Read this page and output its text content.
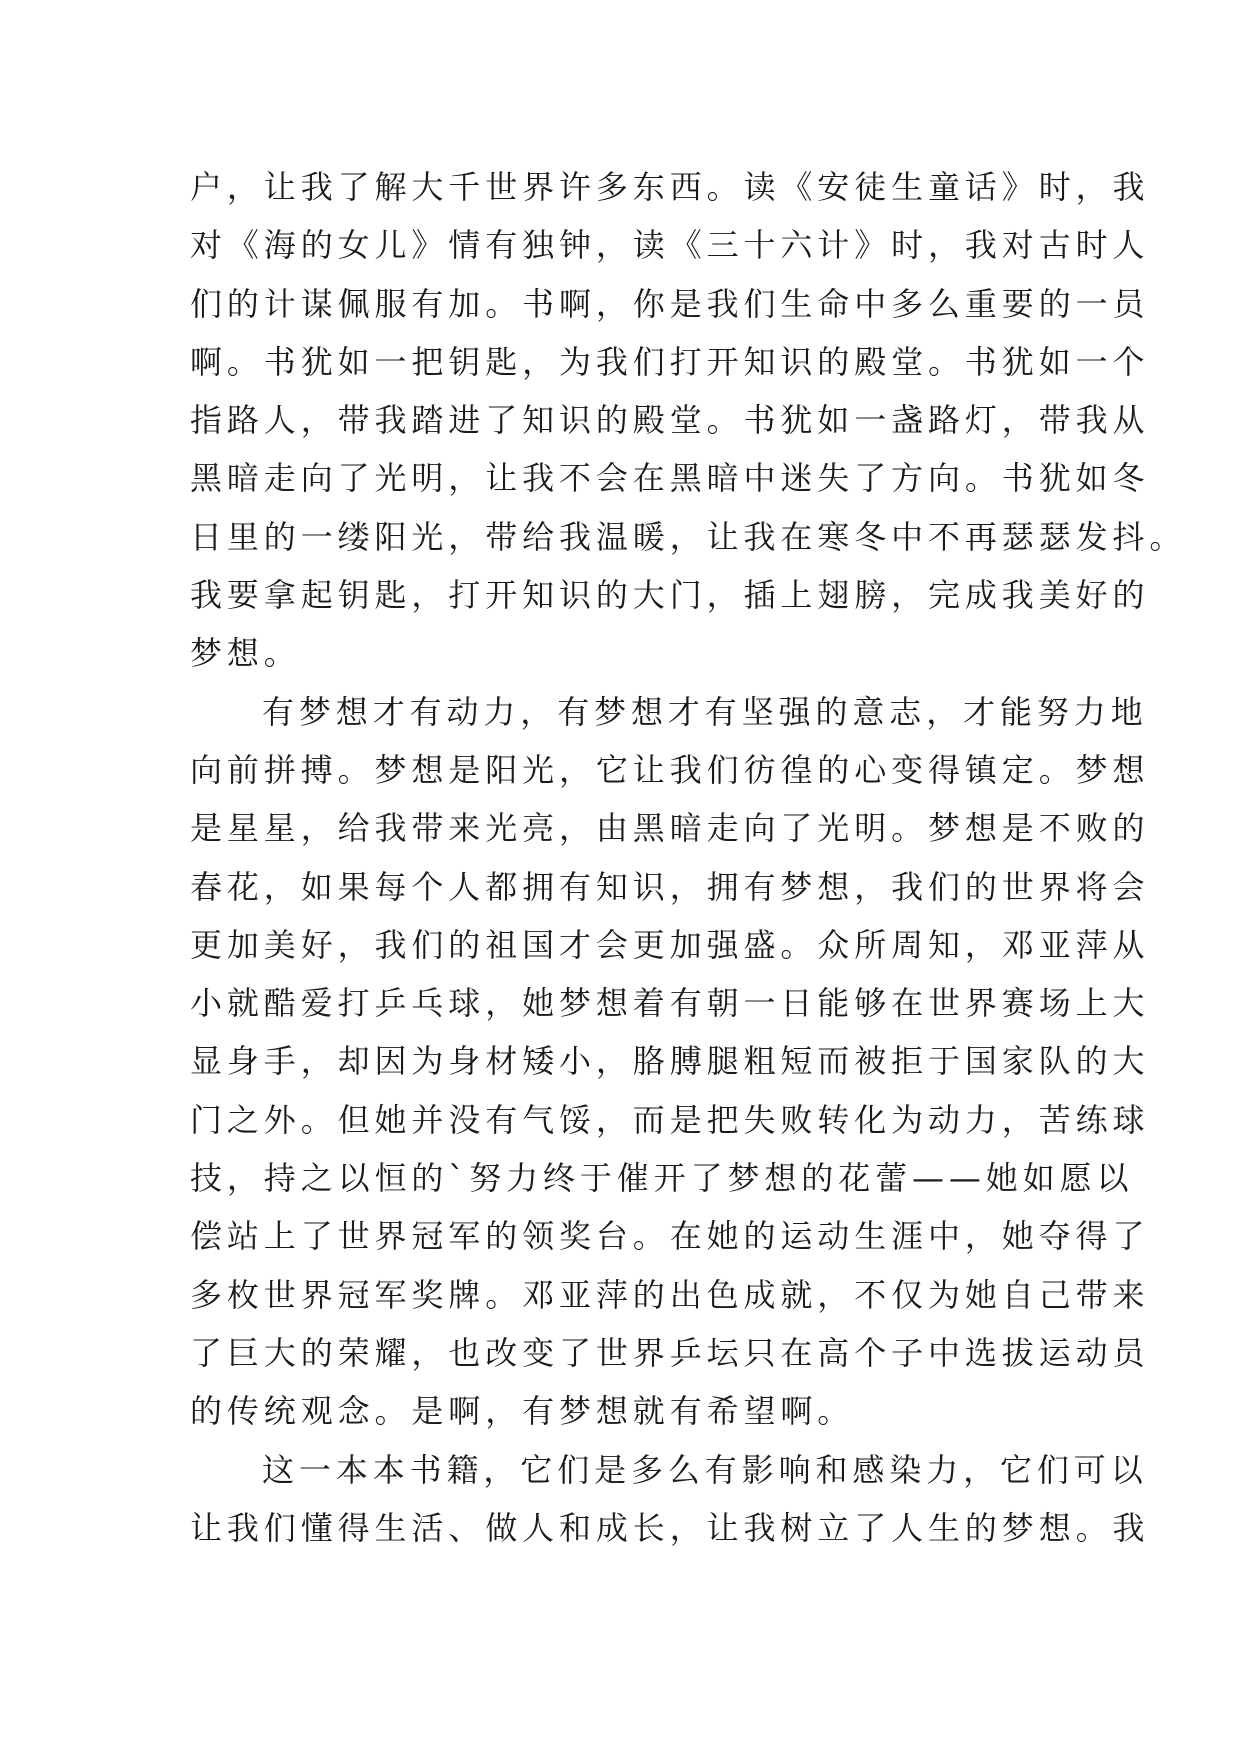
户，让我了解大千世界许多东西。读《安徒生童话》时，我
对《海的女儿》情有独钟，读《三十六计》时，我对古时人
们的计谋佩服有加。书啊，你是我们生命中多么重要的一员
啊。书犹如一把钥匙，为我们打开知识的殿堂。书犹如一个
指路人，带我踏进了知识的殿堂。书犹如一盏路灯，带我从
黑暗走向了光明，让我不会在黑暗中迷失了方向。书犹如冬
日里的一缕阳光，带给我温暖，让我在寒冬中不再瑟瑟发抖。
我要拿起钥匙，打开知识的大门，插上翅膀，完成我美好的
梦想。
有梦想才有动力，有梦想才有坚强的意志，才能努力地
向前拼搏。梦想是阳光，它让我们彷徨的心变得镇定。梦想
是星星，给我带来光亮，由黑暗走向了光明。梦想是不败的
春花，如果每个人都拥有知识，拥有梦想，我们的世界将会
更加美好，我们的祖国才会更加强盛。众所周知，邓亚萍从
小就酷爱打乒乓球，她梦想着有朝一日能够在世界赛场上大
显身手，却因为身材矮小，胳膊腿粗短而被拒于国家队的大
门之外。但她并没有气馁，而是把失败转化为动力，苦练球
技，持之以恒的`努力终于催开了梦想的花蕾——她如愿以
偿站上了世界冠军的领奖台。在她的运动生涯中，她夺得了
多枚世界冠军奖牌。邓亚萍的出色成就，不仅为她自己带来
了巨大的荣耀，也改变了世界乒坛只在高个子中选拔运动员
的传统观念。是啊，有梦想就有希望啊。
这一本本书籍，它们是多么有影响和感染力，它们可以
让我们懂得生活、做人和成长，让我树立了人生的梦想。我
